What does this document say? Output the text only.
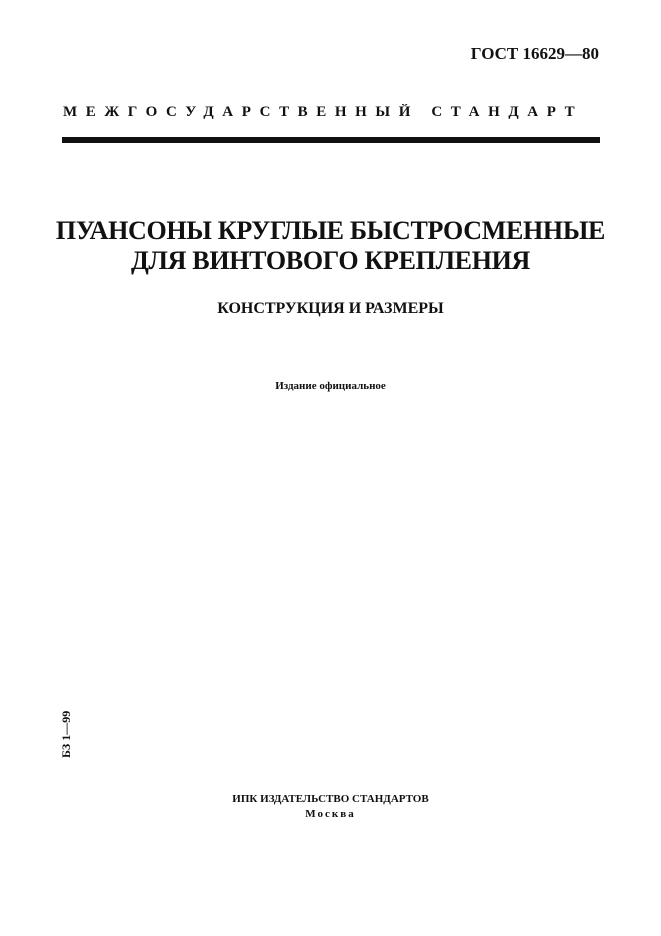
ГОСТ 16629—80
МЕЖГОСУДАРСТВЕННЫЙ СТАНДАРТ
ПУАНСОНЫ КРУГЛЫЕ БЫСТРОСМЕННЫЕ
ДЛЯ ВИНТОВОГО КРЕПЛЕНИЯ
КОНСТРУКЦИЯ И РАЗМЕРЫ
Издание официальное
БЗ 1—99
ИПК ИЗДАТЕЛЬСТВО СТАНДАРТОВ
Москва
